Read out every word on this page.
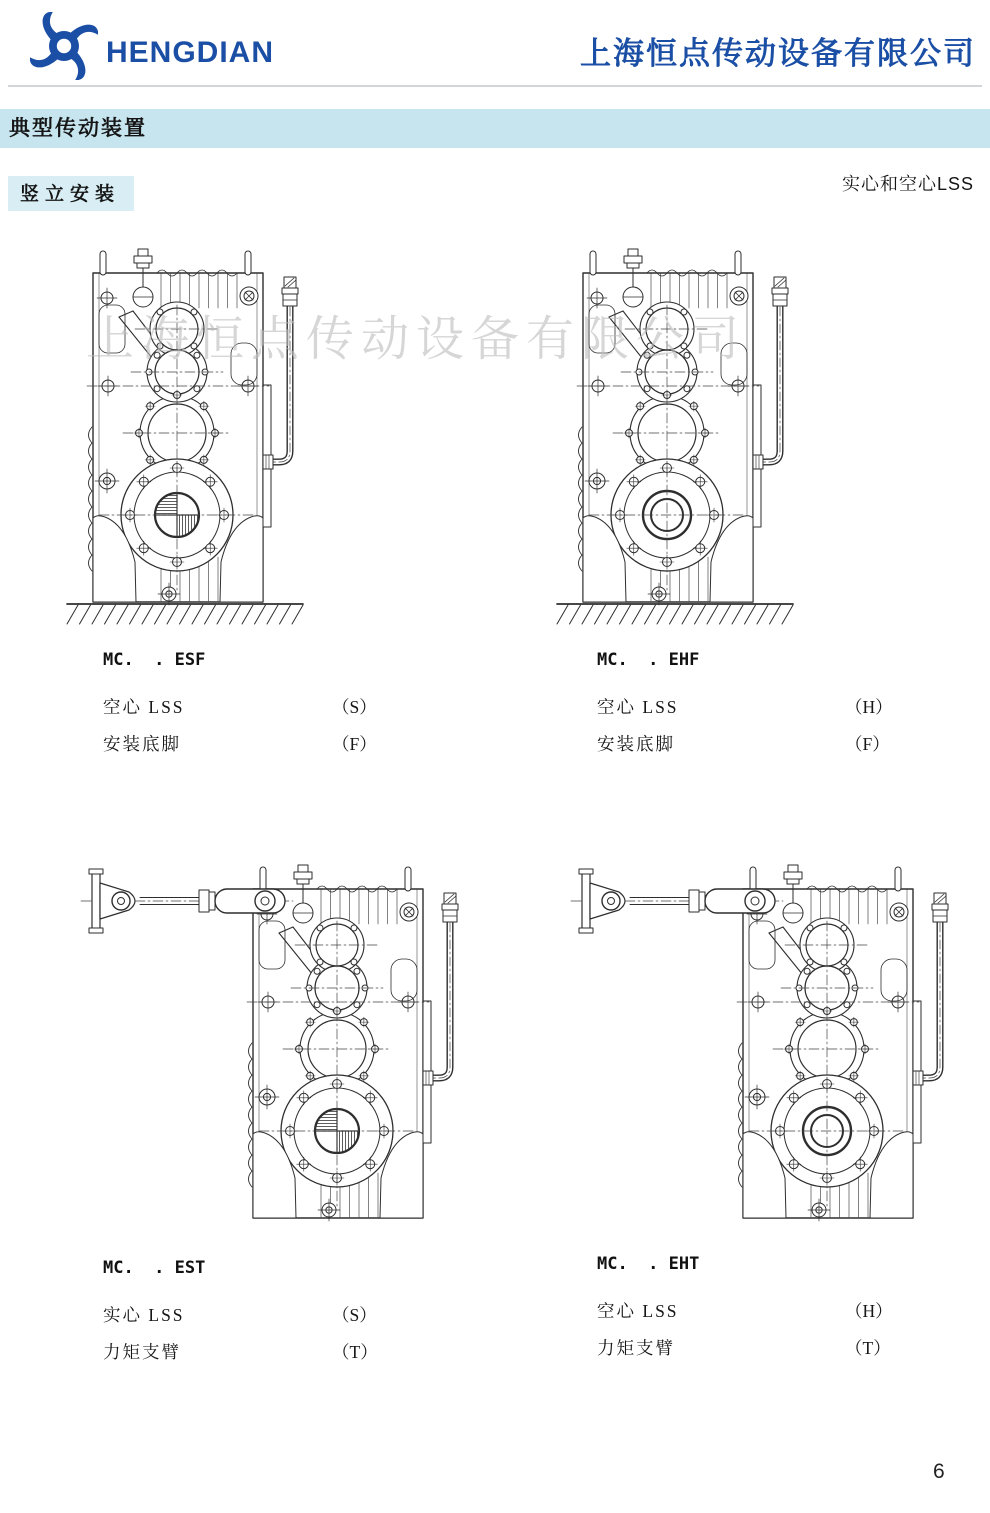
HENGDIAN	上海恒点传动设备有限公司
典型传动装置
竖立安装	实心和空心LSS
上海恒点传动设备有限公司
MC.  . ESF
空心 LSS	（S）
安装底脚	（F）
MC.  . EHF
空心 LSS	（H）
安装底脚	（F）
MC.  . EST
实心 LSS	（S）
力矩支臂	（T）
MC.  . EHT
空心 LSS	（H）
力矩支臂	（T）
6
